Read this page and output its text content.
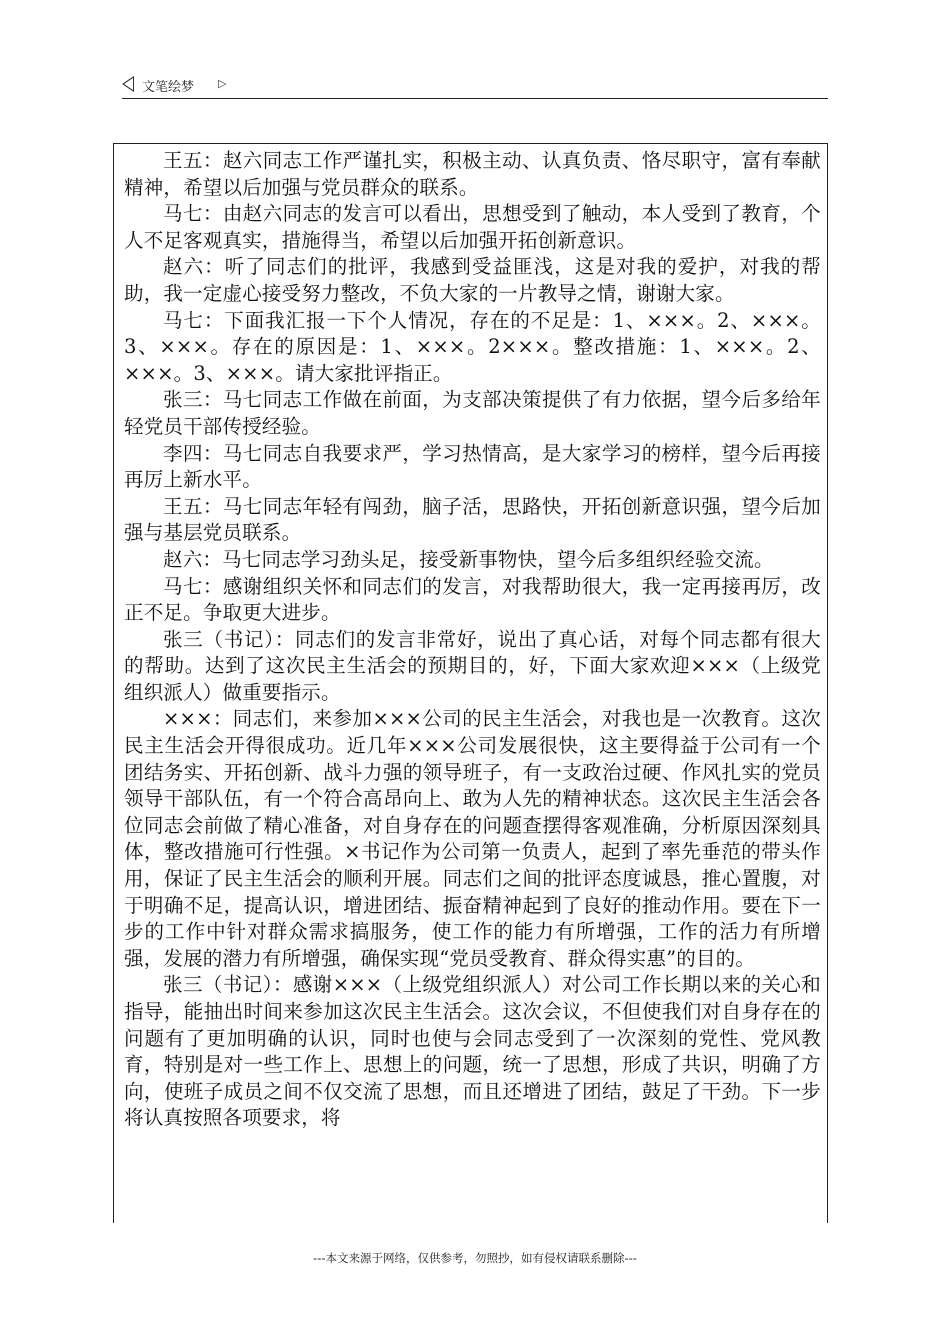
文笔绘梦 ▷

王五：赵六同志工作严谨扎实，积极主动、认真负责、恪尽职守，富有奉献精神，希望以后加强与党员群众的联系。

马七：由赵六同志的发言可以看出，思想受到了触动，本人受到了教育，个人不足客观真实，措施得当，希望以后加强开拓创新意识。

赵六：听了同志们的批评，我感到受益匪浅，这是对我的爱护，对我的帮助，我一定虚心接受努力整改，不负大家的一片教导之情，谢谢大家。

马七：下面我汇报一下个人情况，存在的不足是：1、×××。2、×××。3、×××。存在的原因是：1、×××。2×××。整改措施：1、×××。2、×××。3、×××。请大家批评指正。

张三：马七同志工作做在前面，为支部决策提供了有力依据，望今后多给年轻党员干部传授经验。

李四：马七同志自我要求严，学习热情高，是大家学习的榜样，望今后再接再厉上新水平。

王五：马七同志年轻有闯劲，脑子活，思路快，开拓创新意识强，望今后加强与基层党员联系。

赵六：马七同志学习劲头足，接受新事物快，望今后多组织经验交流。

马七：感谢组织关怀和同志们的发言，对我帮助很大，我一定再接再厉，改正不足。争取更大进步。

张三（书记）：同志们的发言非常好，说出了真心话，对每个同志都有很大的帮助。达到了这次民主生活会的预期目的，好，下面大家欢迎×××（上级党组织派人）做重要指示。

×××：同志们，来参加×××公司的民主生活会，对我也是一次教育。这次民主生活会开得很成功。近几年×××公司发展很快，这主要得益于公司有一个团结务实、开拓创新、战斗力强的领导班子，有一支政治过硬、作风扎实的党员领导干部队伍，有一个符合高昂向上、敢为人先的精神状态。这次民主生活会各位同志会前做了精心准备，对自身存在的问题查摆得客观准确，分析原因深刻具体，整改措施可行性强。×书记作为公司第一负责人，起到了率先垂范的带头作用，保证了民主生活会的顺利开展。同志们之间的批评态度诚恳，推心置腹，对于明确不足，提高认识，增进团结、振奋精神起到了良好的推动作用。要在下一步的工作中针对群众需求搞服务，使工作的能力有所增强，工作的活力有所增强，发展的潜力有所增强，确保实现“党员受教育、群众得实惠”的目的。

张三（书记）：感谢×××（上级党组织派人）对公司工作长期以来的关心和指导，能抽出时间来参加这次民主生活会。这次会议，不但使我们对自身存在的问题有了更加明确的认识，同时也使与会同志受到了一次深刻的党性、党风教育，特别是对一些工作上、思想上的问题，统一了思想，形成了共识，明确了方向，使班子成员之间不仅交流了思想，而且还增进了团结，鼓足了干劲。下一步将认真按照各项要求，将

---本文来源于网络，仅供参考，勿照抄，如有侵权请联系删除---
